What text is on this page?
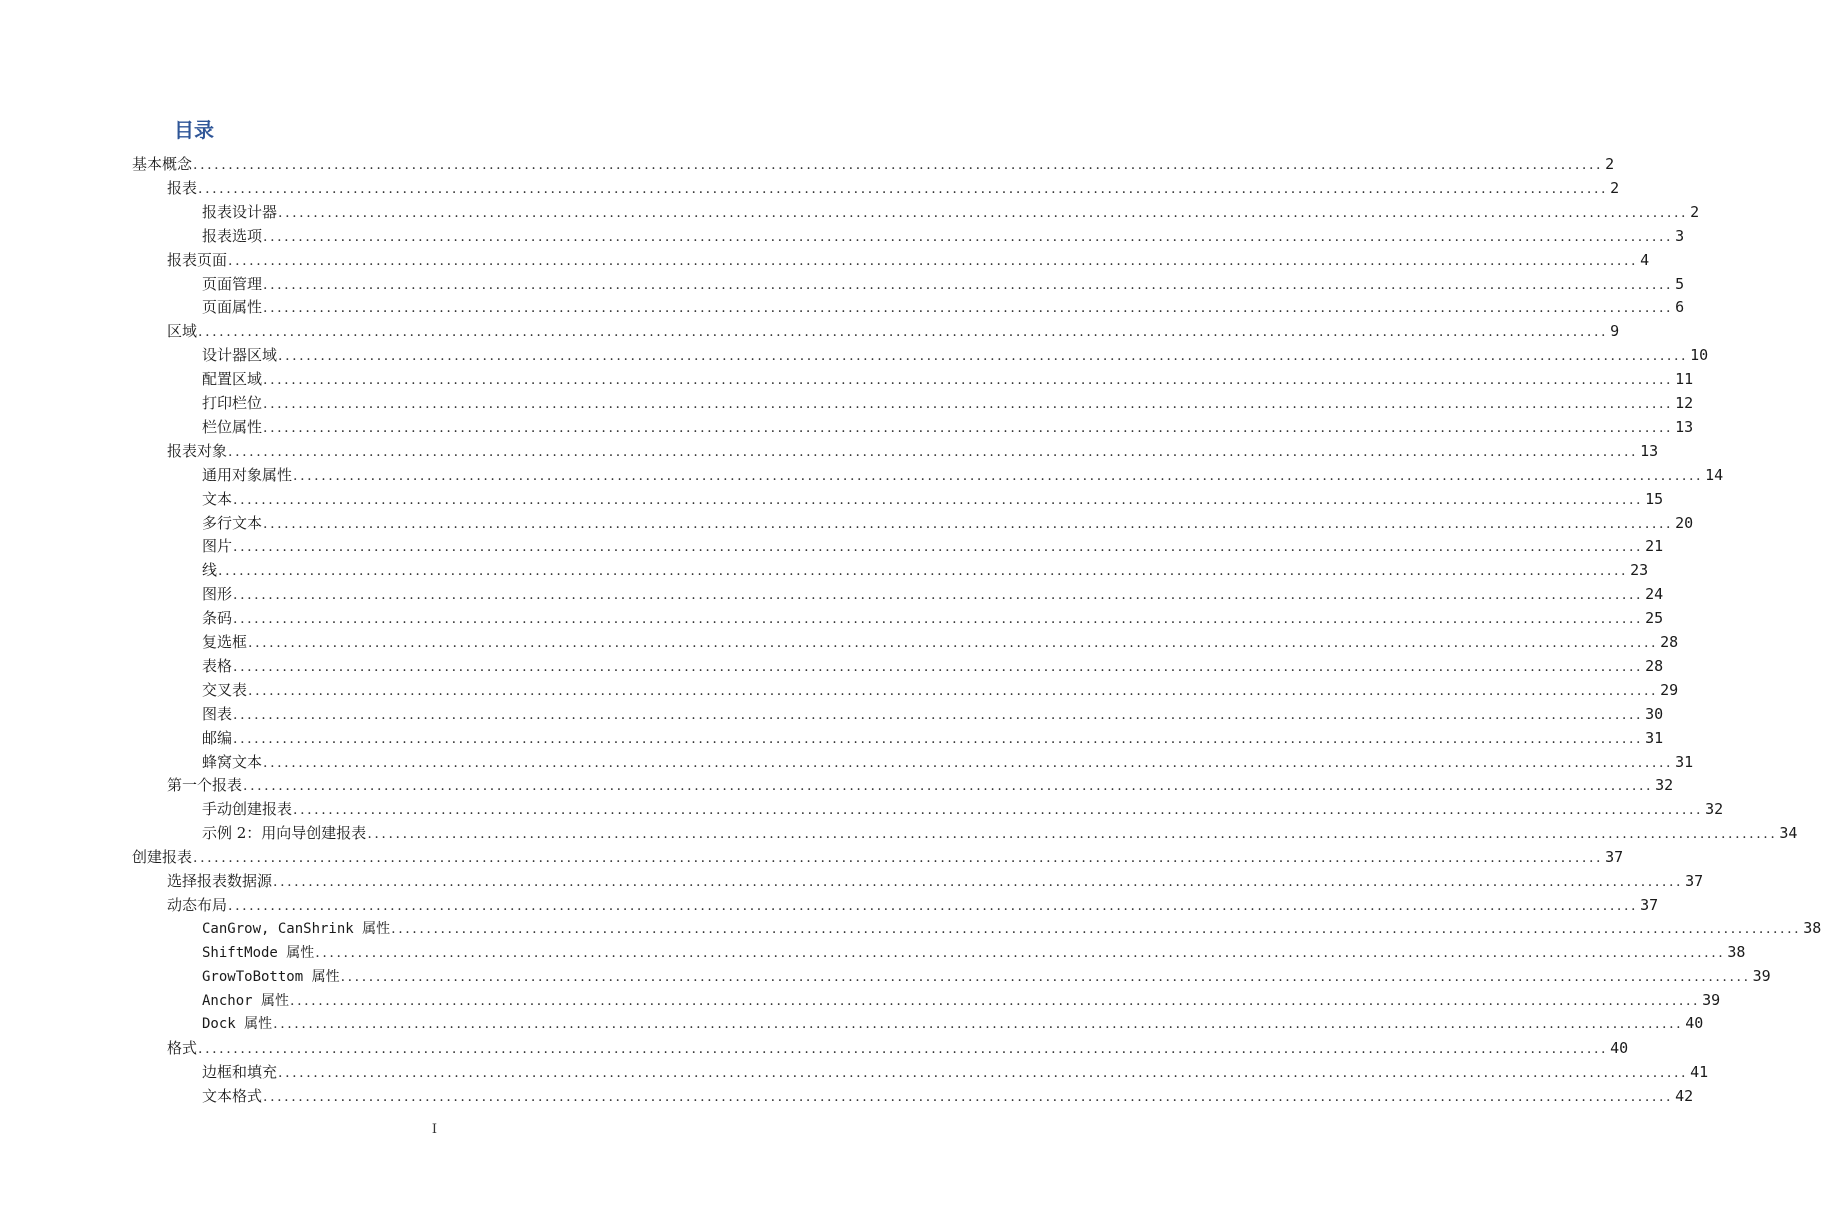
目录
基本概念 ........................................................................................................................................................................................................ 2
报表 ........................................................................................................................................................................................................ 2
报表设计器 ........................................................................................................................................................................................................ 2
报表选项 ........................................................................................................................................................................................................ 3
报表页面 ........................................................................................................................................................................................................ 4
页面管理 ........................................................................................................................................................................................................ 5
页面属性 ........................................................................................................................................................................................................ 6
区域 ........................................................................................................................................................................................................ 9
设计器区域 ........................................................................................................................................................................................................ 10
配置区域 ........................................................................................................................................................................................................ 11
打印栏位 ........................................................................................................................................................................................................ 12
栏位属性 ........................................................................................................................................................................................................ 13
报表对象 ........................................................................................................................................................................................................ 13
通用对象属性 ........................................................................................................................................................................................................ 14
文本 ........................................................................................................................................................................................................ 15
多行文本 ........................................................................................................................................................................................................ 20
图片 ........................................................................................................................................................................................................ 21
线 ........................................................................................................................................................................................................ 23
图形 ........................................................................................................................................................................................................ 24
条码 ........................................................................................................................................................................................................ 25
复选框 ........................................................................................................................................................................................................ 28
表格 ........................................................................................................................................................................................................ 28
交叉表 ........................................................................................................................................................................................................ 29
图表 ........................................................................................................................................................................................................ 30
邮编 ........................................................................................................................................................................................................ 31
蜂窝文本 ........................................................................................................................................................................................................ 31
第一个报表 ........................................................................................................................................................................................................ 32
手动创建报表 ........................................................................................................................................................................................................ 32
示例 2：用向导创建报表 ........................................................................................................................................................................................................ 34
创建报表 ........................................................................................................................................................................................................ 37
选择报表数据源 ........................................................................................................................................................................................................ 37
动态布局 ........................................................................................................................................................................................................ 37
CanGrow, CanShrink 属性 ........................................................................................................................................................................................................ 38
ShiftMode 属性 ........................................................................................................................................................................................................ 38
GrowToBottom 属性 ........................................................................................................................................................................................................ 39
Anchor 属性 ........................................................................................................................................................................................................ 39
Dock 属性 ........................................................................................................................................................................................................ 40
格式 ........................................................................................................................................................................................................ 40
边框和填充 ........................................................................................................................................................................................................ 41
文本格式 ........................................................................................................................................................................................................ 42
I
